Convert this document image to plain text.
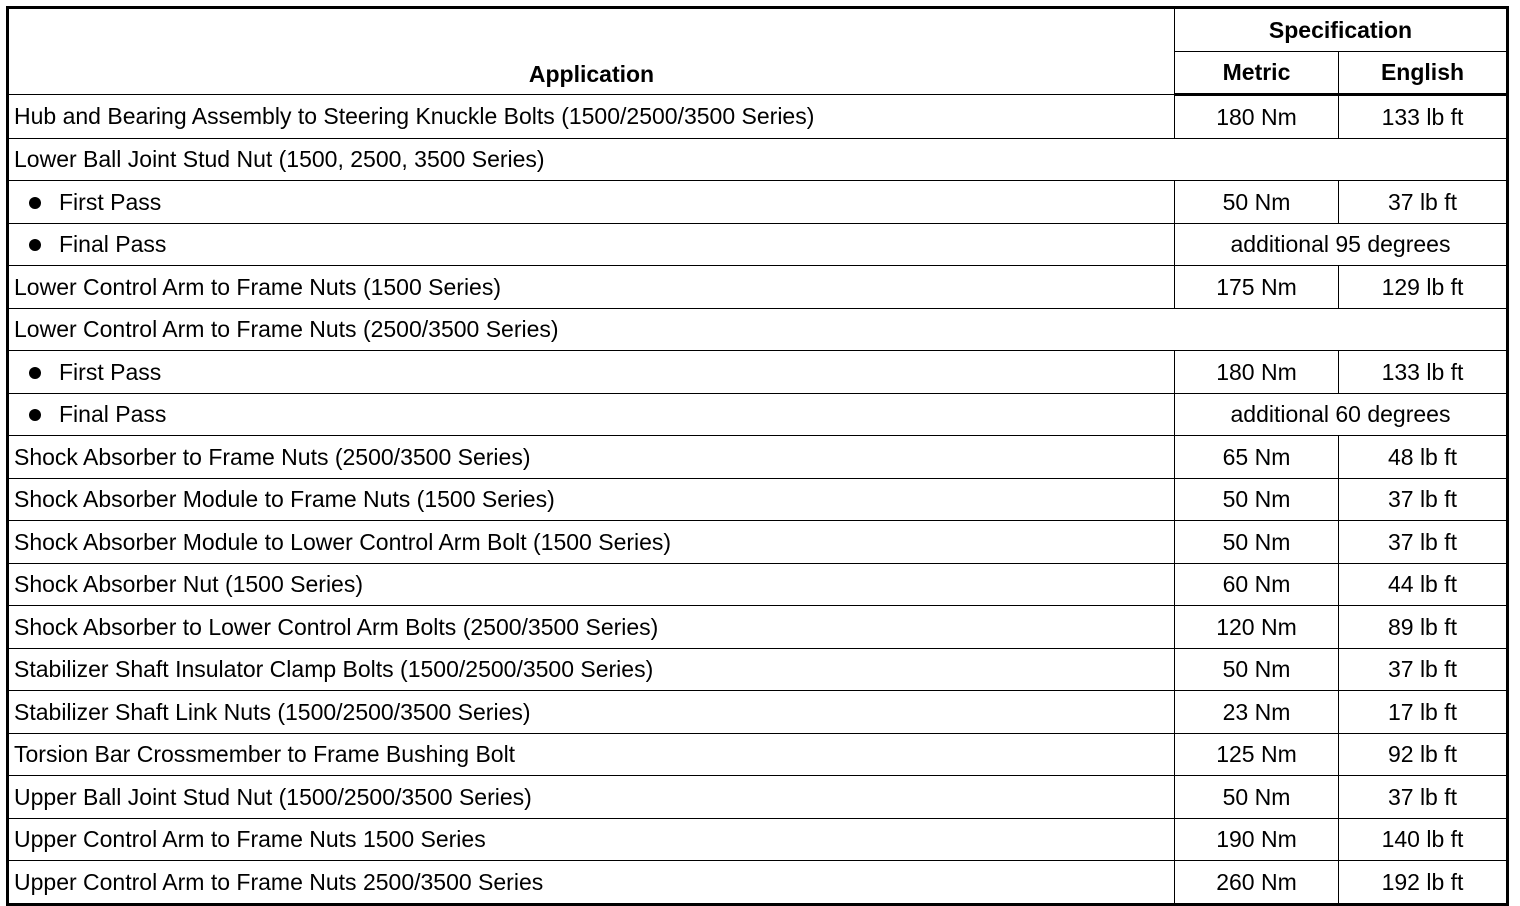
Application	Specification	
	Metric	English
Hub and Bearing Assembly to Steering Knuckle Bolts (1500/2500/3500 Series)	180 Nm	133 lb ft
Lower Ball Joint Stud Nut (1500, 2500, 3500 Series)		
First Pass	50 Nm	37 lb ft
Final Pass	additional 95 degrees	
Lower Control Arm to Frame Nuts (1500 Series)	175 Nm	129 lb ft
Lower Control Arm to Frame Nuts (2500/3500 Series)		
First Pass	180 Nm	133 lb ft
Final Pass	additional 60 degrees	
Shock Absorber to Frame Nuts (2500/3500 Series)	65 Nm	48 lb ft
Shock Absorber Module to Frame Nuts (1500 Series)	50 Nm	37 lb ft
Shock Absorber Module to Lower Control Arm Bolt (1500 Series)	50 Nm	37 lb ft
Shock Absorber Nut (1500 Series)	60 Nm	44 lb ft
Shock Absorber to Lower Control Arm Bolts (2500/3500 Series)	120 Nm	89 lb ft
Stabilizer Shaft Insulator Clamp Bolts (1500/2500/3500 Series)	50 Nm	37 lb ft
Stabilizer Shaft Link Nuts (1500/2500/3500 Series)	23 Nm	17 lb ft
Torsion Bar Crossmember to Frame Bushing Bolt	125 Nm	92 lb ft
Upper Ball Joint Stud Nut (1500/2500/3500 Series)	50 Nm	37 lb ft
Upper Control Arm to Frame Nuts 1500 Series	190 Nm	140 lb ft
Upper Control Arm to Frame Nuts 2500/3500 Series	260 Nm	192 lb ft
